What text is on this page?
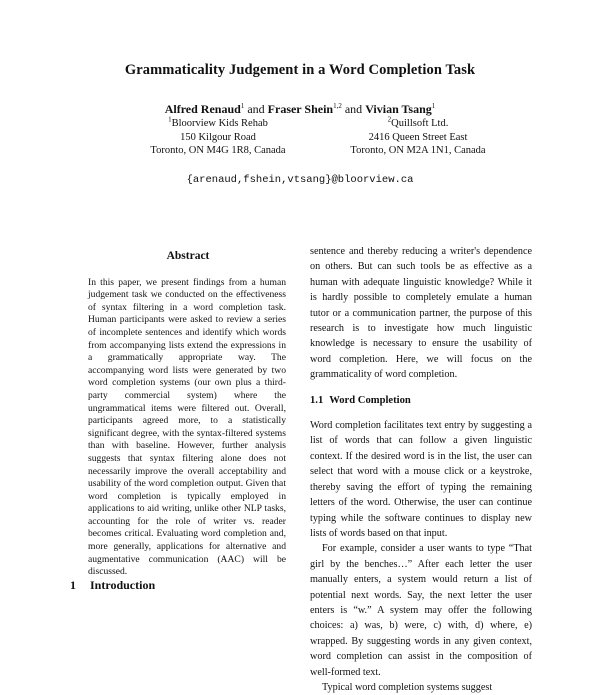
Grammaticality Judgement in a Word Completion Task
Alfred Renaud$^1$ and Fraser Shein$^{1,2}$ and Vivian Tsang$^1$
$^1$Bloorview Kids Rehab
150 Kilgour Road
Toronto, ON M4G 1R8, Canada
$^2$Quillsoft Ltd.
2416 Queen Street East
Toronto, ON M2A 1N1, Canada
{arenaud,fshein,vtsang}@bloorview.ca
Abstract

In this paper, we present findings from a human judgement task we conducted on the effectiveness of syntax filtering in a word completion task. Human participants were asked to review a series of incomplete sentences and identify which words from accompanying lists extend the expressions in a grammatically appropriate way. The accompanying word lists were generated by two word completion systems (our own plus a third-party commercial system) where the ungrammatical items were filtered out. Overall, participants agreed more, to a statistically significant degree, with the syntax-filtered systems than with baseline. However, further analysis suggests that syntax filtering alone does not necessarily improve the overall acceptability and usability of the word completion output. Given that word completion is typically employed in applications to aid writing, unlike other NLP tasks, accounting for the role of writer vs. reader becomes critical. Evaluating word completion and, more generally, applications for alternative and augmentative communication (AAC) will be discussed.

1 Introduction

sentence and thereby reducing a writer's dependence on others. But can such tools be as effective as a human with adequate linguistic knowledge? While it is hardly possible to completely emulate a human tutor or a communication partner, the purpose of this research is to investigate how much linguistic knowledge is necessary to ensure the usability of word completion. Here, we will focus on the grammaticality of word completion.

1.1 Word Completion

Word completion facilitates text entry by suggesting a list of words that can follow a given linguistic context. If the desired word is in the list, the user can select that word with a mouse click or a keystroke, thereby saving the effort of typing the remaining letters of the word. Otherwise, the user can continue typing while the software continues to display new lists of words based on that input.

For example, consider a user wants to type “That girl by the benches…” After each letter the user manually enters, a system would return a list of potential next words. Say, the next letter the user enters is “w.” A system may offer the following choices: a) was, b) were, c) with, d) where, e) wrapped. By suggesting words in any given context, word completion can assist in the composition of well-formed text.

Typical word completion systems suggest
